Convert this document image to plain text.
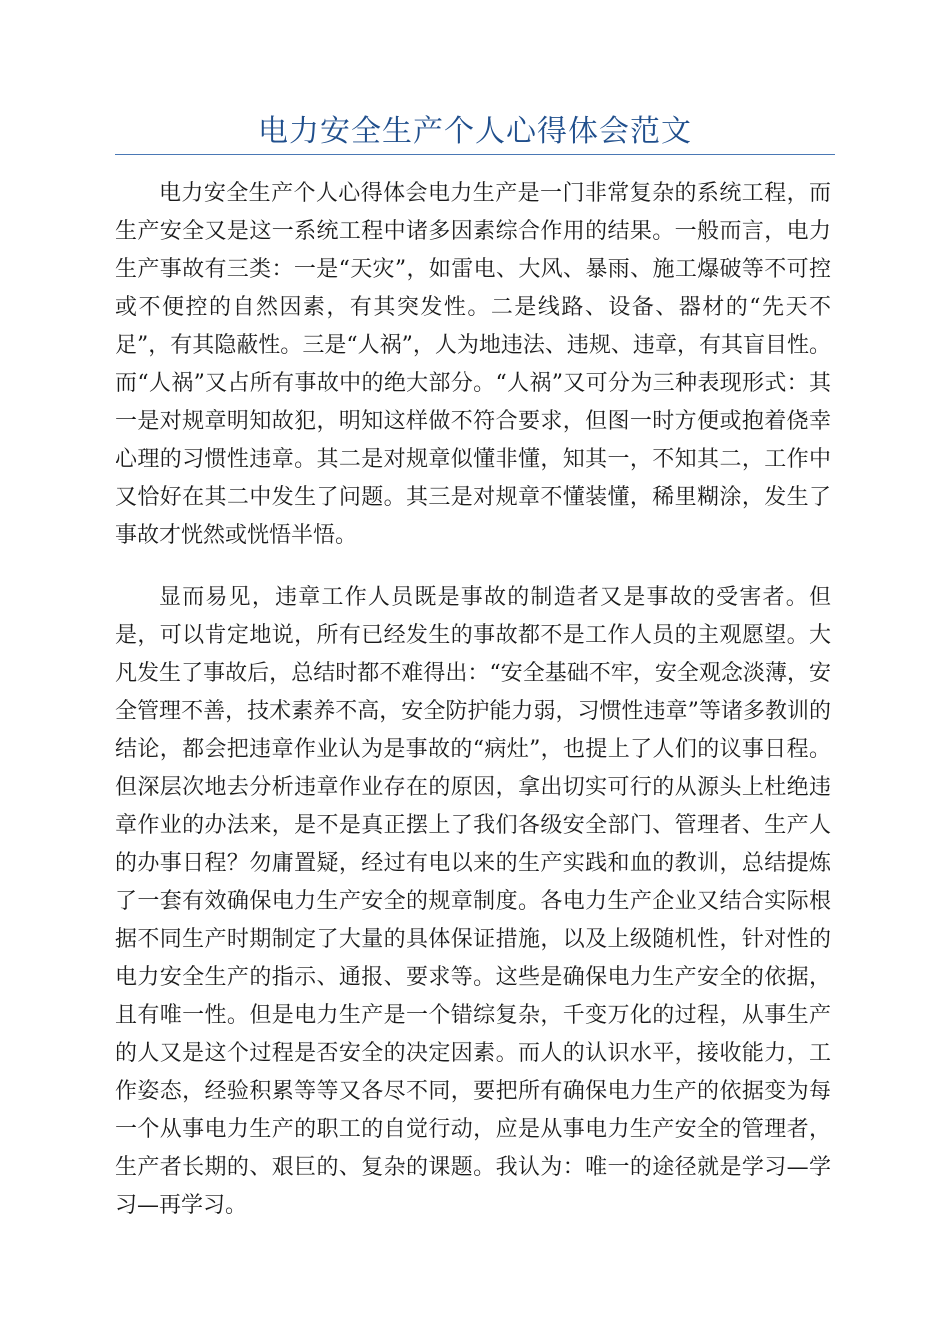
电力安全生产个人心得体会范文

电力安全生产个人心得体会电力生产是一门非常复杂的系统工程，而生产安全又是这一系统工程中诸多因素综合作用的结果。一般而言，电力生产事故有三类：一是“天灾”，如雷电、大风、暴雨、施工爆破等不可控或不便控的自然因素，有其突发性。二是线路、设备、器材的“先天不足”，有其隐蔽性。三是“人祸”，人为地违法、违规、违章，有其盲目性。而“人祸”又占所有事故中的绝大部分。“人祸”又可分为三种表现形式：其一是对规章明知故犯，明知这样做不符合要求，但图一时方便或抱着侥幸心理的习惯性违章。其二是对规章似懂非懂，知其一，不知其二，工作中又恰好在其二中发生了问题。其三是对规章不懂装懂，稀里糊涂，发生了事故才恍然或恍悟半悟。

显而易见，违章工作人员既是事故的制造者又是事故的受害者。但是，可以肯定地说，所有已经发生的事故都不是工作人员的主观愿望。大凡发生了事故后，总结时都不难得出：“安全基础不牢，安全观念淡薄，安全管理不善，技术素养不高，安全防护能力弱，习惯性违章”等诸多教训的结论，都会把违章作业认为是事故的“病灶”，也提上了人们的议事日程。但深层次地去分析违章作业存在的原因，拿出切实可行的从源头上杜绝违章作业的办法来，是不是真正摆上了我们各级安全部门、管理者、生产人的办事日程？勿庸置疑，经过有电以来的生产实践和血的教训，总结提炼了一套有效确保电力生产安全的规章制度。各电力生产企业又结合实际根据不同生产时期制定了大量的具体保证措施，以及上级随机性，针对性的电力安全生产的指示、通报、要求等。这些是确保电力生产安全的依据，且有唯一性。但是电力生产是一个错综复杂，千变万化的过程，从事生产的人又是这个过程是否安全的决定因素。而人的认识水平，接收能力，工作姿态，经验积累等等又各尽不同，要把所有确保电力生产的依据变为每一个从事电力生产的职工的自觉行动，应是从事电力生产安全的管理者，生产者长期的、艰巨的、复杂的课题。我认为：唯一的途径就是学习—学习—再学习。
